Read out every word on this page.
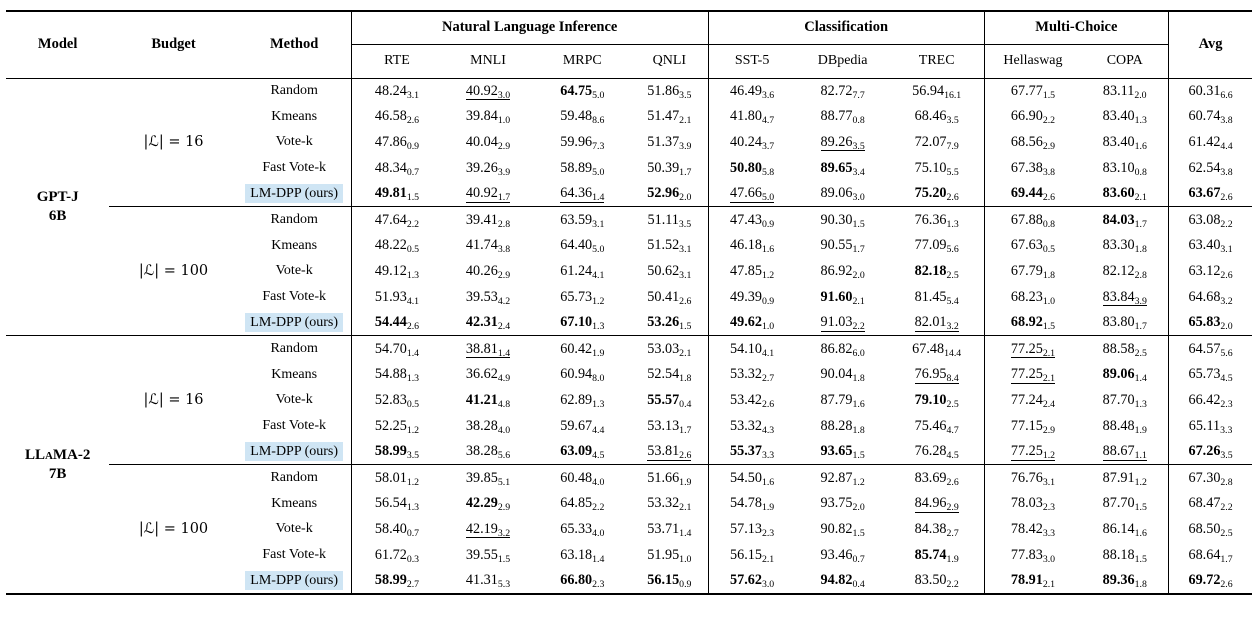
Model	Budget	Method	Natural Language Inference				Classification			Multi-Choice		Avg
			RTE	MNLI	MRPC	QNLI	SST-5	DBpedia	TREC	Hellaswag	COPA	

GPT-J
6B	|ℒ| = 16	Random	$48.24_{3.1}$	$40.92_{3.0}$	$64.75_{5.0}$	$51.86_{3.5}$	$46.49_{3.6}$	$82.72_{7.7}$	$56.94_{16.1}$	$67.77_{1.5}$	$83.11_{2.0}$	$60.31_{6.6}$
		Kmeans	$46.58_{2.6}$	$39.84_{1.0}$	$59.48_{8.6}$	$51.47_{2.1}$	$41.80_{4.7}$	$88.77_{0.8}$	$68.46_{3.5}$	$66.90_{2.2}$	$83.40_{1.3}$	$60.74_{3.8}$
		Vote-k	$47.86_{0.9}$	$40.04_{2.9}$	$59.96_{7.3}$	$51.37_{3.9}$	$40.24_{3.7}$	$89.26_{3.5}$	$72.07_{7.9}$	$68.56_{2.9}$	$83.40_{1.6}$	$61.42_{4.4}$
		Fast Vote-k	$48.34_{0.7}$	$39.26_{3.9}$	$58.89_{5.0}$	$50.39_{1.7}$	$50.80_{5.8}$	$89.65_{3.4}$	$75.10_{5.5}$	$67.38_{3.8}$	$83.10_{0.8}$	$62.54_{3.8}$
		LM-DPP (ours)	$49.81_{1.5}$	$40.92_{1.7}$	$64.36_{1.4}$	$52.96_{2.0}$	$47.66_{5.0}$	$89.06_{3.0}$	$75.20_{2.6}$	$69.44_{2.6}$	$83.60_{2.1}$	$63.67_{2.6}$
	|ℒ| = 100	Random	$47.64_{2.2}$	$39.41_{2.8}$	$63.59_{3.1}$	$51.11_{3.5}$	$47.43_{0.9}$	$90.30_{1.5}$	$76.36_{1.3}$	$67.88_{0.8}$	$84.03_{1.7}$	$63.08_{2.2}$
		Kmeans	$48.22_{0.5}$	$41.74_{3.8}$	$64.40_{5.0}$	$51.52_{3.1}$	$46.18_{1.6}$	$90.55_{1.7}$	$77.09_{5.6}$	$67.63_{0.5}$	$83.30_{1.8}$	$63.40_{3.1}$
		Vote-k	$49.12_{1.3}$	$40.26_{2.9}$	$61.24_{4.1}$	$50.62_{3.1}$	$47.85_{1.2}$	$86.92_{2.0}$	$82.18_{2.5}$	$67.79_{1.8}$	$82.12_{2.8}$	$63.12_{2.6}$
		Fast Vote-k	$51.93_{4.1}$	$39.53_{4.2}$	$65.73_{1.2}$	$50.41_{2.6}$	$49.39_{0.9}$	$91.60_{2.1}$	$81.45_{5.4}$	$68.23_{1.0}$	$83.84_{3.9}$	$64.68_{3.2}$
		LM-DPP (ours)	$54.44_{2.6}$	$42.31_{2.4}$	$67.10_{1.3}$	$53.26_{1.5}$	$49.62_{1.0}$	$91.03_{2.2}$	$82.01_{3.2}$	$68.92_{1.5}$	$83.80_{1.7}$	$65.83_{2.0}$

LLaMA-2
7B	|ℒ| = 16	Random	$54.70_{1.4}$	$38.81_{1.4}$	$60.42_{1.9}$	$53.03_{2.1}$	$54.10_{4.1}$	$86.82_{6.0}$	$67.48_{14.4}$	$77.25_{2.1}$	$88.58_{2.5}$	$64.57_{5.6}$
		Kmeans	$54.88_{1.3}$	$36.62_{4.9}$	$60.94_{8.0}$	$52.54_{1.8}$	$53.32_{2.7}$	$90.04_{1.8}$	$76.95_{8.4}$	$77.25_{2.1}$	$89.06_{1.4}$	$65.73_{4.5}$
		Vote-k	$52.83_{0.5}$	$41.21_{4.8}$	$62.89_{1.3}$	$55.57_{0.4}$	$53.42_{2.6}$	$87.79_{1.6}$	$79.10_{2.5}$	$77.24_{2.4}$	$87.70_{1.3}$	$66.42_{2.3}$
		Fast Vote-k	$52.25_{1.2}$	$38.28_{4.0}$	$59.67_{4.4}$	$53.13_{1.7}$	$53.32_{4.3}$	$88.28_{1.8}$	$75.46_{4.7}$	$77.15_{2.9}$	$88.48_{1.9}$	$65.11_{3.3}$
		LM-DPP (ours)	$58.99_{3.5}$	$38.28_{5.6}$	$63.09_{4.5}$	$53.81_{2.6}$	$55.37_{3.3}$	$93.65_{1.5}$	$76.28_{4.5}$	$77.25_{1.2}$	$88.67_{1.1}$	$67.26_{3.5}$
	|ℒ| = 100	Random	$58.01_{1.2}$	$39.85_{5.1}$	$60.48_{4.0}$	$51.66_{1.9}$	$54.50_{1.6}$	$92.87_{1.2}$	$83.69_{2.6}$	$76.76_{3.1}$	$87.91_{1.2}$	$67.30_{2.8}$
		Kmeans	$56.54_{1.3}$	$42.29_{2.9}$	$64.85_{2.2}$	$53.32_{2.1}$	$54.78_{1.9}$	$93.75_{2.0}$	$84.96_{2.9}$	$78.03_{2.3}$	$87.70_{1.5}$	$68.47_{2.2}$
		Vote-k	$58.40_{0.7}$	$42.19_{3.2}$	$65.33_{4.0}$	$53.71_{1.4}$	$57.13_{2.3}$	$90.82_{1.5}$	$84.38_{2.7}$	$78.42_{3.3}$	$86.14_{1.6}$	$68.50_{2.5}$
		Fast Vote-k	$61.72_{0.3}$	$39.55_{1.5}$	$63.18_{1.4}$	$51.95_{1.0}$	$56.15_{2.1}$	$93.46_{0.7}$	$85.74_{1.9}$	$77.83_{3.0}$	$88.18_{1.5}$	$68.64_{1.7}$
		LM-DPP (ours)	$58.99_{2.7}$	$41.31_{5.3}$	$66.80_{2.3}$	$56.15_{0.9}$	$57.62_{3.0}$	$94.82_{0.4}$	$83.50_{2.2}$	$78.91_{2.1}$	$89.36_{1.8}$	$69.72_{2.6}$
